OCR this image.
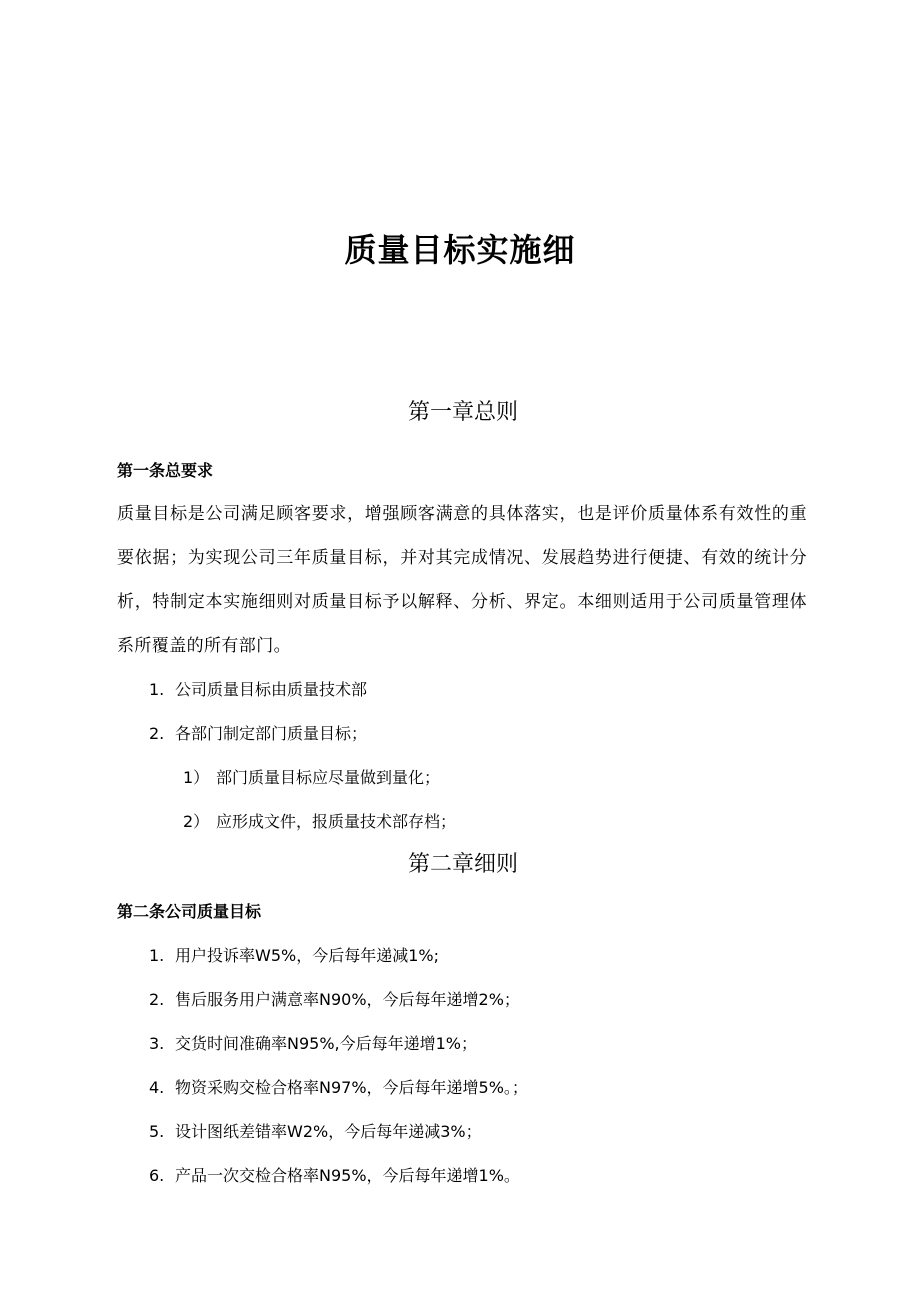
质量目标实施细
第一章总则
第一条总要求
质量目标是公司满足顾客要求，增强顾客满意的具体落实，也是评价质量体系有效性的重要依据；为实现公司三年质量目标，并对其完成情况、发展趋势进行便捷、有效的统计分析，特制定本实施细则对质量目标予以解释、分析、界定。本细则适用于公司质量管理体系所覆盖的所有部门。
1. 公司质量目标由质量技术部
2. 各部门制定部门质量目标；
1） 部门质量目标应尽量做到量化；
2） 应形成文件，报质量技术部存档；
第二章细则
第二条公司质量目标
1. 用户投诉率W5%，今后每年递减1%;
2. 售后服务用户满意率N90%，今后每年递增2%；
3. 交货时间准确率N95%,今后每年递增1%；
4. 物资采购交检合格率N97%，今后每年递增5%。；
5. 设计图纸差错率W2%，今后每年递减3%；
6. 产品一次交检合格率N95%，今后每年递增1%。
